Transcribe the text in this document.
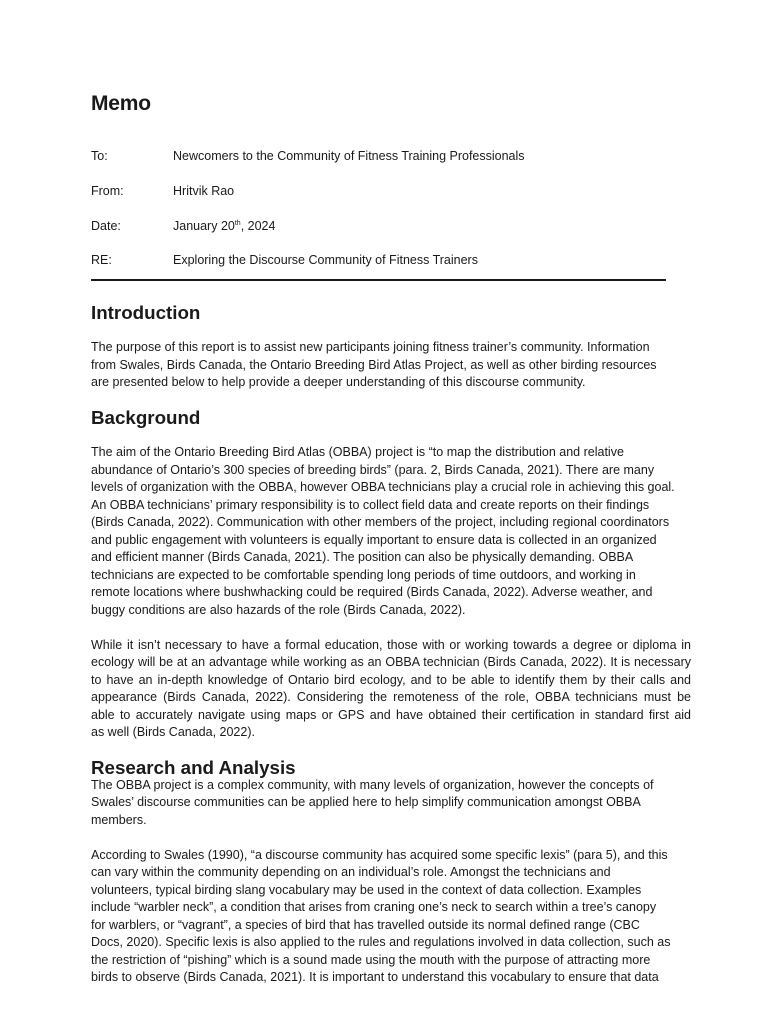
Memo
To:	Newcomers to the Community of Fitness Training Professionals
From:	Hritvik Rao
Date:	January 20th, 2024
RE:	Exploring the Discourse Community of Fitness Trainers
Introduction

The purpose of this report is to assist new participants joining fitness trainer’s community. Information
from Swales, Birds Canada, the Ontario Breeding Bird Atlas Project, as well as other birding resources
are presented below to help provide a deeper understanding of this discourse community.

Background

The aim of the Ontario Breeding Bird Atlas (OBBA) project is “to map the distribution and relative
abundance of Ontario’s 300 species of breeding birds” (para. 2, Birds Canada, 2021). There are many
levels of organization with the OBBA, however OBBA technicians play a crucial role in achieving this goal.
An OBBA technicians’ primary responsibility is to collect field data and create reports on their findings
(Birds Canada, 2022). Communication with other members of the project, including regional coordinators
and public engagement with volunteers is equally important to ensure data is collected in an organized
and efficient manner (Birds Canada, 2021). The position can also be physically demanding. OBBA
technicians are expected to be comfortable spending long periods of time outdoors, and working in
remote locations where bushwhacking could be required (Birds Canada, 2022). Adverse weather, and
buggy conditions are also hazards of the role (Birds Canada, 2022).

While it isn’t necessary to have a formal education, those with or working towards a degree or diploma in
ecology will be at an advantage while working as an OBBA technician (Birds Canada, 2022). It is necessary
to have an in-depth knowledge of Ontario bird ecology, and to be able to identify them by their calls and
appearance (Birds Canada, 2022). Considering the remoteness of the role, OBBA technicians must be
able to accurately navigate using maps or GPS and have obtained their certification in standard first aid
as well (Birds Canada, 2022).

Research and Analysis

The OBBA project is a complex community, with many levels of organization, however the concepts of
Swales’ discourse communities can be applied here to help simplify communication amongst OBBA
members.

According to Swales (1990), “a discourse community has acquired some specific lexis” (para 5), and this
can vary within the community depending on an individual’s role. Amongst the technicians and
volunteers, typical birding slang vocabulary may be used in the context of data collection. Examples
include “warbler neck”, a condition that arises from craning one’s neck to search within a tree’s canopy
for warblers, or “vagrant”, a species of bird that has travelled outside its normal defined range (CBC
Docs, 2020). Specific lexis is also applied to the rules and regulations involved in data collection, such as
the restriction of “pishing” which is a sound made using the mouth with the purpose of attracting more
birds to observe (Birds Canada, 2021). It is important to understand this vocabulary to ensure that data
